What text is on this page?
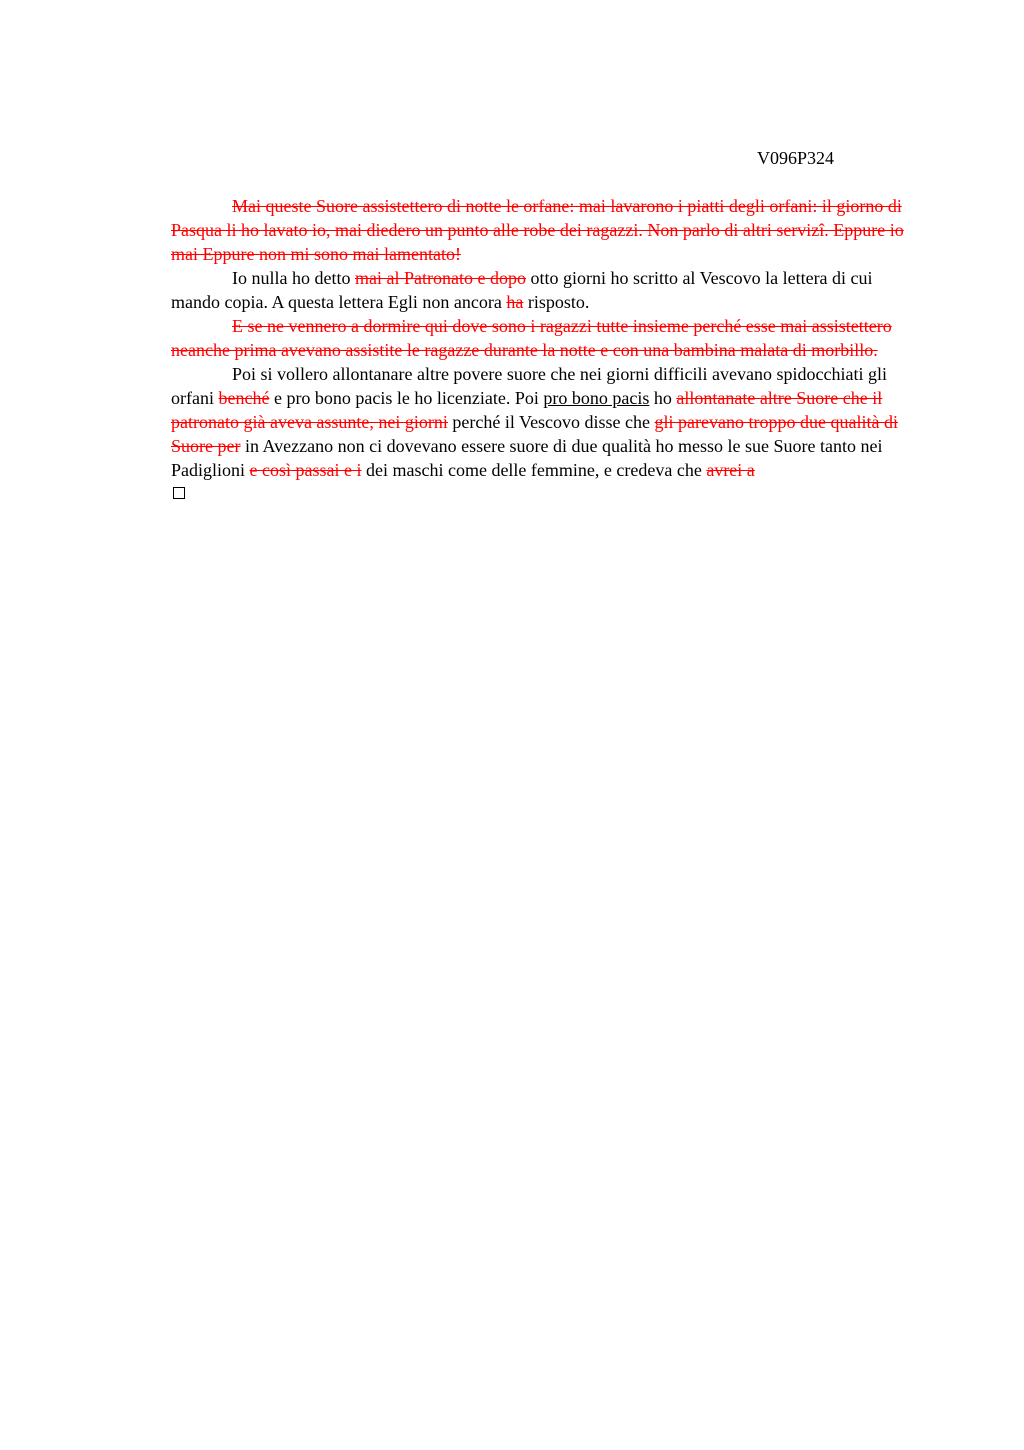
V096P324

Mai queste Suore assistettero di notte le orfane: mai lavarono i piatti degli orfani: il giorno di Pasqua li ho lavato io, mai diedero un punto alle robe dei ragazzi. Non parlo di altri servizî. Eppure io mai Eppure non mi sono mai lamentato!

Io nulla ho detto mai al Patronato e dopo otto giorni ho scritto al Vescovo la lettera di cui mando copia. A questa lettera Egli non ancora ha risposto.

E se ne vennero a dormire qui dove sono i ragazzi tutte insieme perché esse mai assistettero neanche prima avevano assistite le ragazze durante la notte e con una bambina malata di morbillo.

Poi si vollero allontanare altre povere suore che nei giorni difficili avevano spidocchiati gli orfani benché e pro bono pacis le ho licenziate. Poi pro bono pacis ho allontanate altre Suore che il patronato già aveva assunte, nei giorni perché il Vescovo disse che gli parevano troppo due qualità di Suore per in Avezzano non ci dovevano essere suore di due qualità ho messo le sue Suore tanto nei Padiglioni e così passai e i dei maschi come delle femmine, e credeva che avrei a
